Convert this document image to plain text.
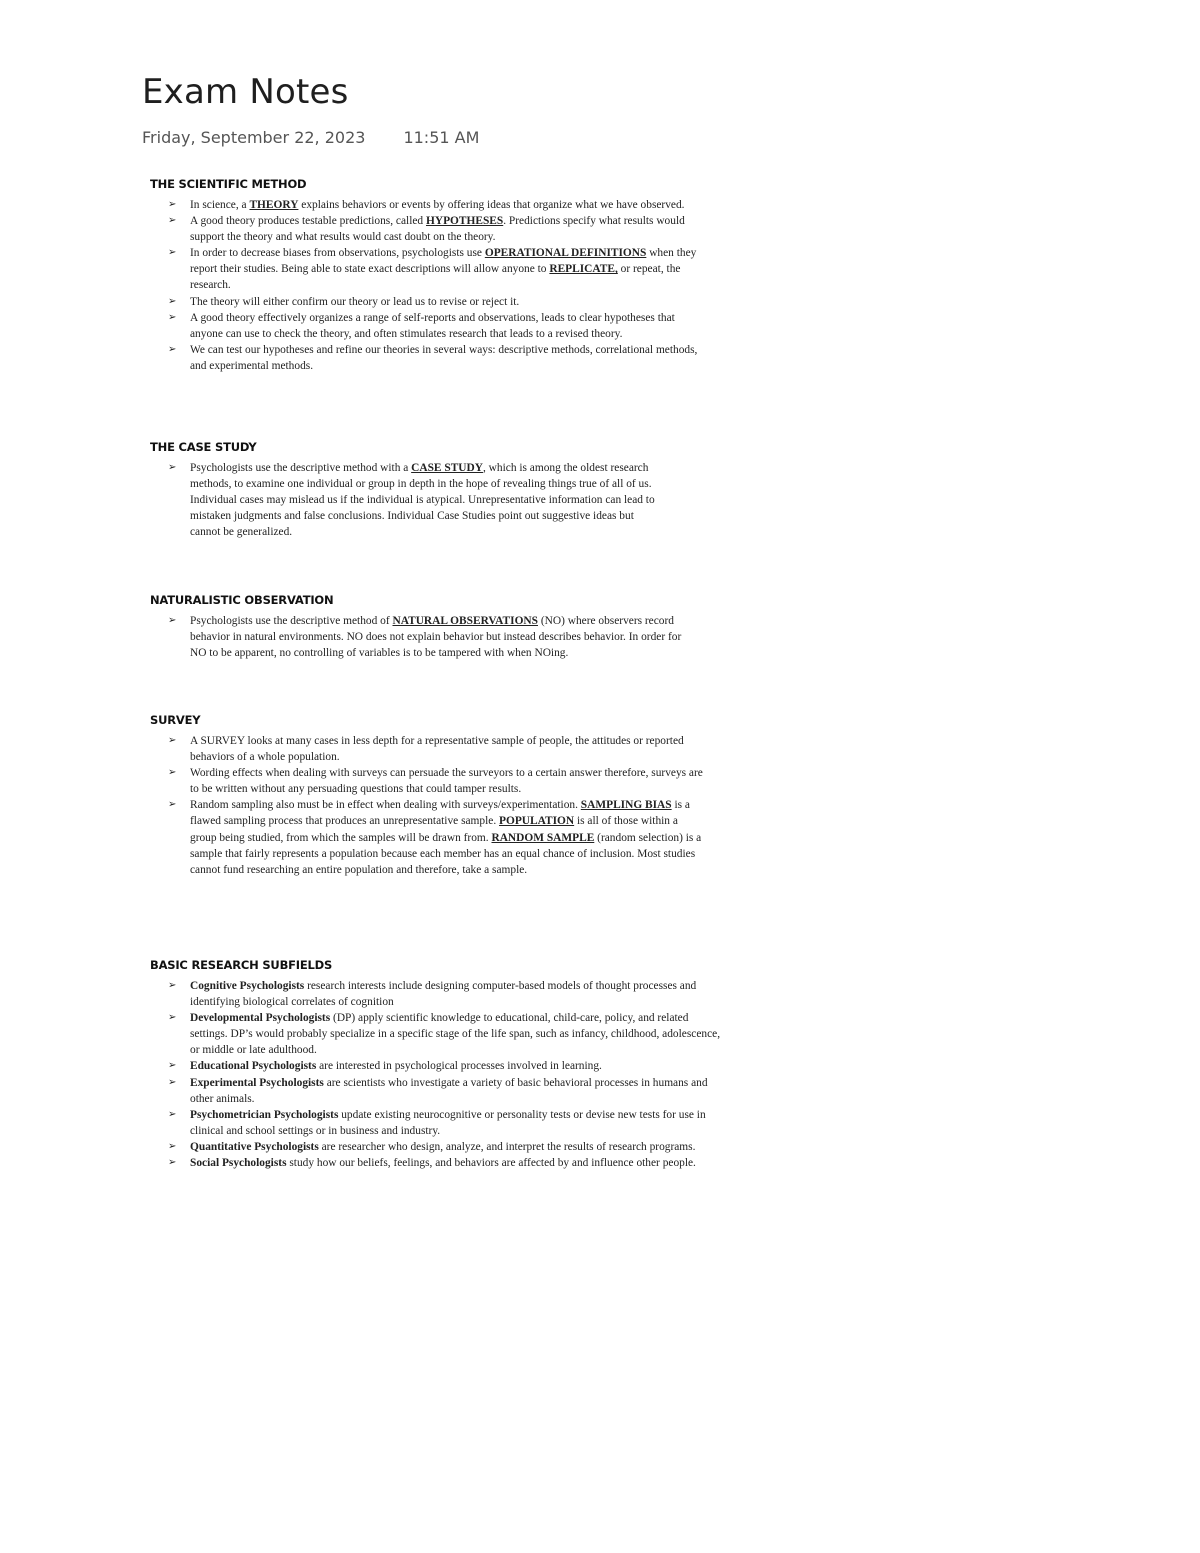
Exam Notes
Friday, September 22, 2023 11:51 AM
THE SCIENTIFIC METHOD
➢ In science, a THEORY explains behaviors or events by offering ideas that organize what we have observed.
➢ A good theory produces testable predictions, called HYPOTHESES. Predictions specify what results would support the theory and what results would cast doubt on the theory.
➢ In order to decrease biases from observations, psychologists use OPERATIONAL DEFINITIONS when they report their studies. Being able to state exact descriptions will allow anyone to REPLICATE, or repeat, the research.
➢ The theory will either confirm our theory or lead us to revise or reject it.
➢ A good theory effectively organizes a range of self-reports and observations, leads to clear hypotheses that anyone can use to check the theory, and often stimulates research that leads to a revised theory.
➢ We can test our hypotheses and refine our theories in several ways: descriptive methods, correlational methods, and experimental methods.
THE CASE STUDY
➢ Psychologists use the descriptive method with a CASE STUDY, which is among the oldest research methods, to examine one individual or group in depth in the hope of revealing things true of all of us. Individual cases may mislead us if the individual is atypical. Unrepresentative information can lead to mistaken judgments and false conclusions. Individual Case Studies point out suggestive ideas but cannot be generalized.
NATURALISTIC OBSERVATION
➢ Psychologists use the descriptive method of NATURAL OBSERVATIONS (NO) where observers record behavior in natural environments. NO does not explain behavior but instead describes behavior. In order for NO to be apparent, no controlling of variables is to be tampered with when NOing.
SURVEY
➢ A SURVEY looks at many cases in less depth for a representative sample of people, the attitudes or reported behaviors of a whole population.
➢ Wording effects when dealing with surveys can persuade the surveyors to a certain answer therefore, surveys are to be written without any persuading questions that could tamper results.
➢ Random sampling also must be in effect when dealing with surveys/experimentation. SAMPLING BIAS is a flawed sampling process that produces an unrepresentative sample. POPULATION is all of those within a group being studied, from which the samples will be drawn from. RANDOM SAMPLE (random selection) is a sample that fairly represents a population because each member has an equal chance of inclusion. Most studies cannot fund researching an entire population and therefore, take a sample.
BASIC RESEARCH SUBFIELDS
➢ Cognitive Psychologists research interests include designing computer-based models of thought processes and identifying biological correlates of cognition
➢ Developmental Psychologists (DP) apply scientific knowledge to educational, child-care, policy, and related settings. DP’s would probably specialize in a specific stage of the life span, such as infancy, childhood, adolescence, or middle or late adulthood.
➢ Educational Psychologists are interested in psychological processes involved in learning.
➢ Experimental Psychologists are scientists who investigate a variety of basic behavioral processes in humans and other animals.
➢ Psychometrician Psychologists update existing neurocognitive or personality tests or devise new tests for use in clinical and school settings or in business and industry.
➢ Quantitative Psychologists are researcher who design, analyze, and interpret the results of research programs.
➢ Social Psychologists study how our beliefs, feelings, and behaviors are affected by and influence other people.
